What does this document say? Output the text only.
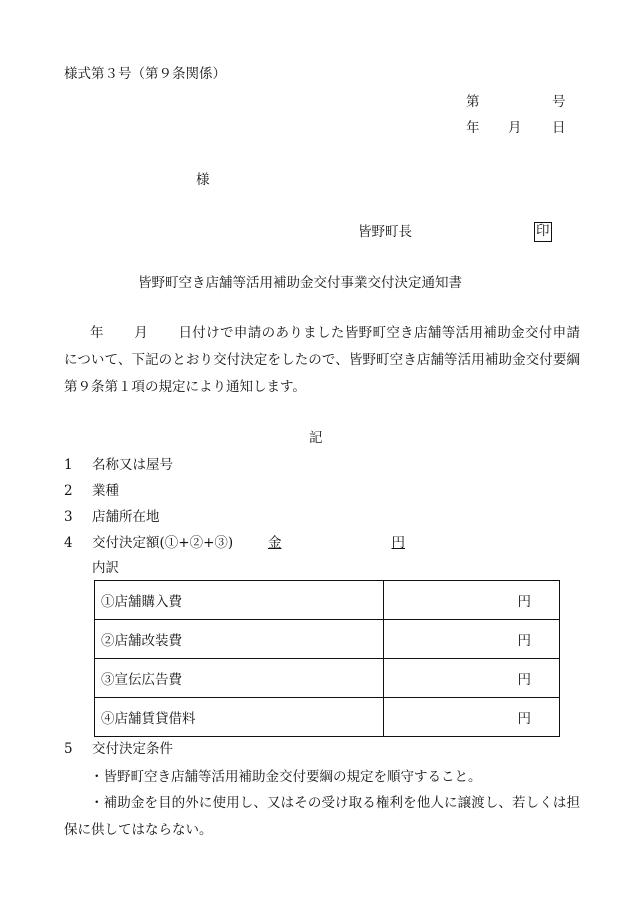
様式第３号（第９条関係）
第	号
年 月 日
様
皆野町長	印
皆野町空き店舗等活用補助金交付事業交付決定通知書
年 月 日付けで申請のありました皆野町空き店舗等活用補助金交付申請について、下記のとおり交付決定をしたので、皆野町空き店舗等活用補助金交付要綱第９条第１項の規定により通知します。
記
1 名称又は屋号
2 業種
3 店舗所在地
4 交付決定額(①+②+③)	金	円
内訳
①店舗購入費	円
②店舗改装費	円
③宣伝広告費	円
④店舗賃貸借料	円
5 交付決定条件
・皆野町空き店舗等活用補助金交付要綱の規定を順守すること。
・補助金を目的外に使用し、又はその受け取る権利を他人に譲渡し、若しくは担保に供してはならない。
